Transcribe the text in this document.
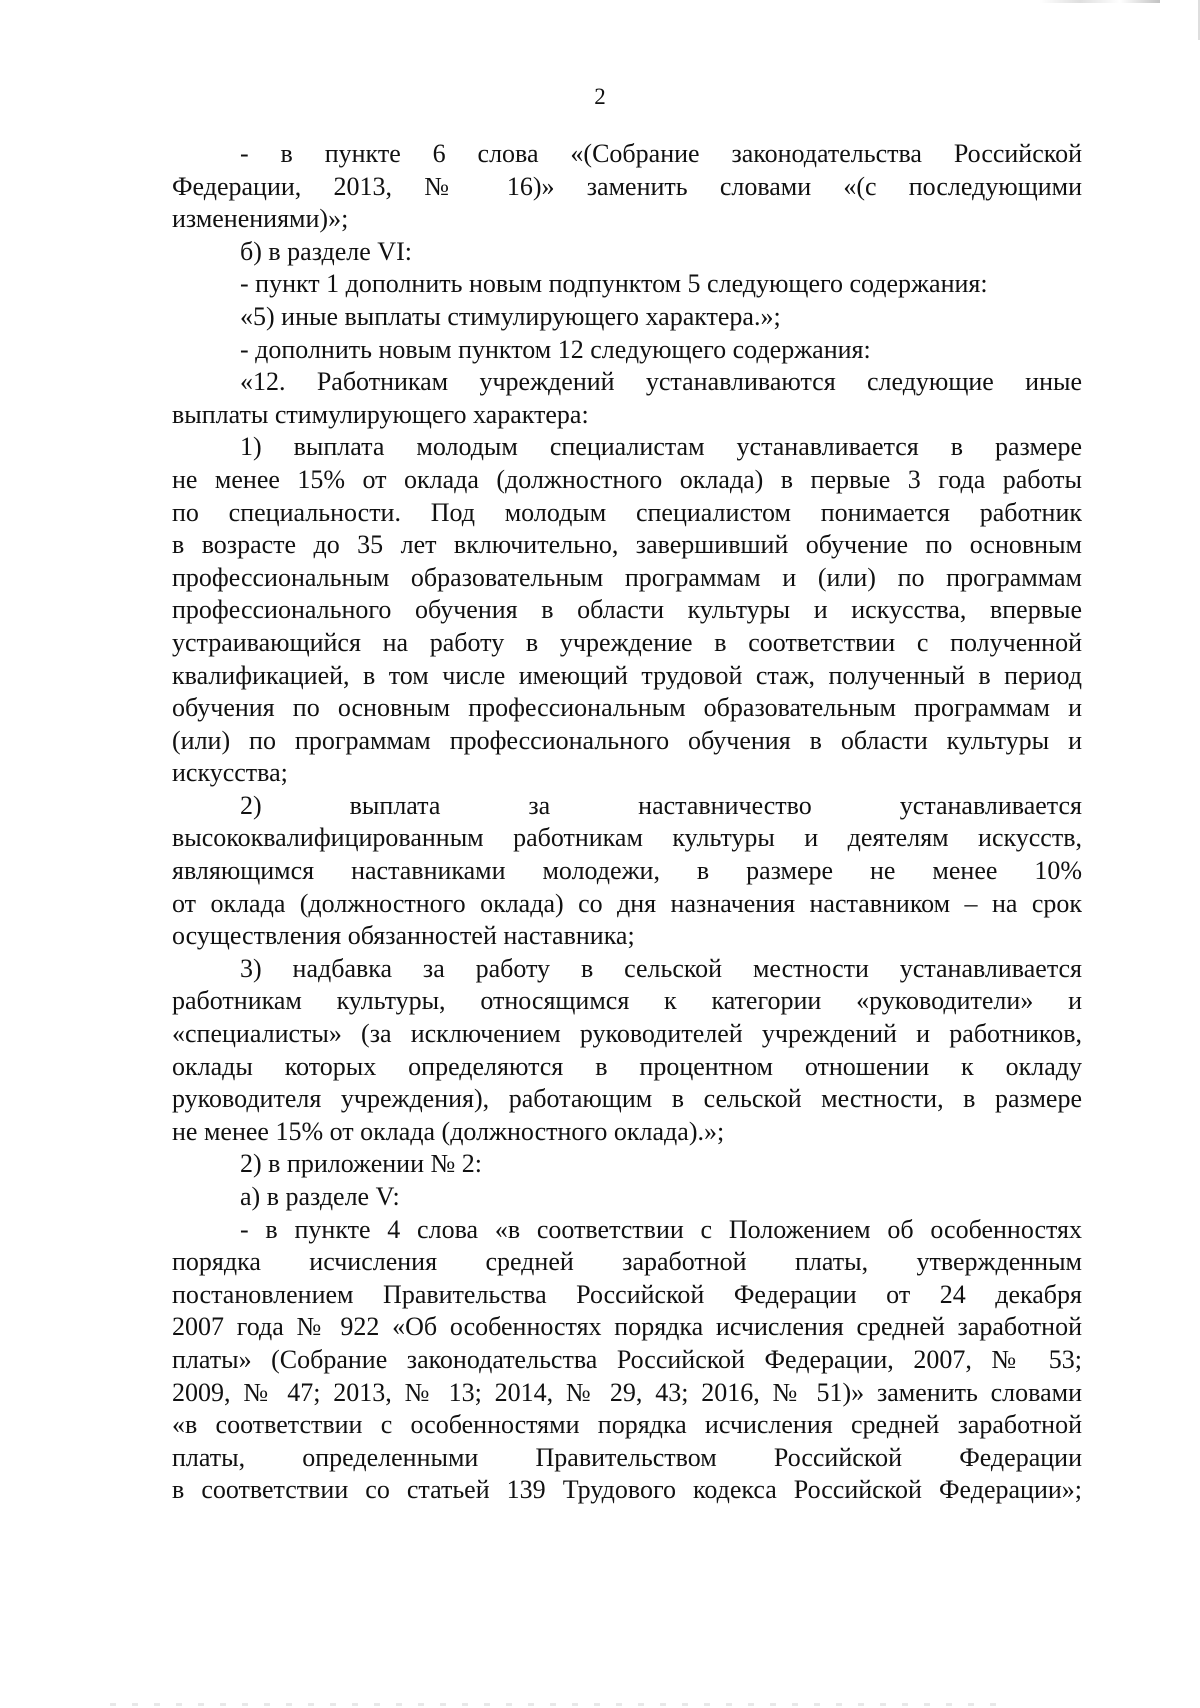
2
- в пункте 6 слова «(Собрание законодательства Российской
Федерации, 2013, № 16)» заменить словами «(с последующими
изменениями)»;
б) в разделе VI:
- пункт 1 дополнить новым подпунктом 5 следующего содержания:
«5) иные выплаты стимулирующего характера.»;
- дополнить новым пунктом 12 следующего содержания:
«12. Работникам учреждений устанавливаются следующие иные
выплаты стимулирующего характера:
1) выплата молодым специалистам устанавливается в размере
не менее 15% от оклада (должностного оклада) в первые 3 года работы
по специальности. Под молодым специалистом понимается работник
в возрасте до 35 лет включительно, завершивший обучение по основным
профессиональным образовательным программам и (или) по программам
профессионального обучения в области культуры и искусства, впервые
устраивающийся на работу в учреждение в соответствии с полученной
квалификацией, в том числе имеющий трудовой стаж, полученный в период
обучения по основным профессиональным образовательным программам и
(или) по программам профессионального обучения в области культуры и
искусства;
2) выплата за наставничество устанавливается
высококвалифицированным работникам культуры и деятелям искусств,
являющимся наставниками молодежи, в размере не менее 10%
от оклада (должностного оклада) со дня назначения наставником – на срок
осуществления обязанностей наставника;
3) надбавка за работу в сельской местности устанавливается
работникам культуры, относящимся к категории «руководители» и
«специалисты» (за исключением руководителей учреждений и работников,
оклады которых определяются в процентном отношении к окладу
руководителя учреждения), работающим в сельской местности, в размере
не менее 15% от оклада (должностного оклада).»;
2) в приложении № 2:
а) в разделе V:
- в пункте 4 слова «в соответствии с Положением об особенностях
порядка исчисления средней заработной платы, утвержденным
постановлением Правительства Российской Федерации от 24 декабря
2007 года № 922 «Об особенностях порядка исчисления средней заработной
платы» (Собрание законодательства Российской Федерации, 2007, № 53;
2009, № 47; 2013, № 13; 2014, № 29, 43; 2016, № 51)» заменить словами
«в соответствии с особенностями порядка исчисления средней заработной
платы, определенными Правительством Российской Федерации
в соответствии со статьей 139 Трудового кодекса Российской Федерации»;
